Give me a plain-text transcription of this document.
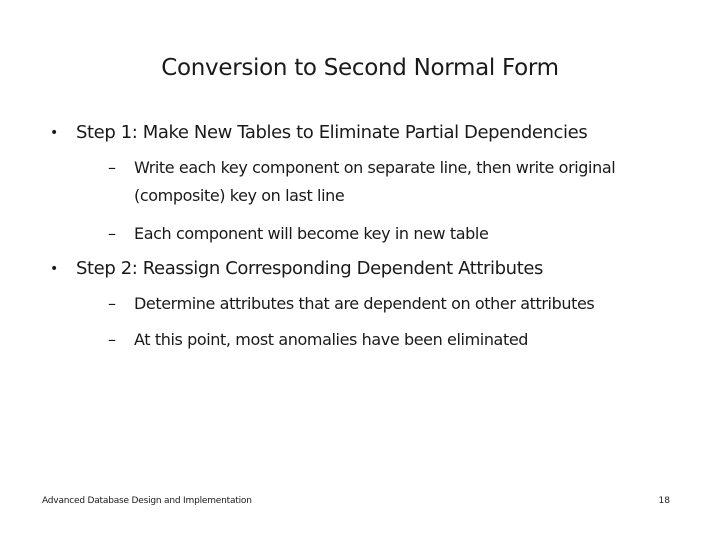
Conversion to Second Normal Form
• Step 1: Make New Tables to Eliminate Partial Dependencies
– Write each key component on separate line, then write original (composite) key on last line
– Each component will become key in new table
• Step 2: Reassign Corresponding Dependent Attributes
– Determine attributes that are dependent on other attributes
– At this point, most anomalies have been eliminated
Advanced Database Design and Implementation	18
